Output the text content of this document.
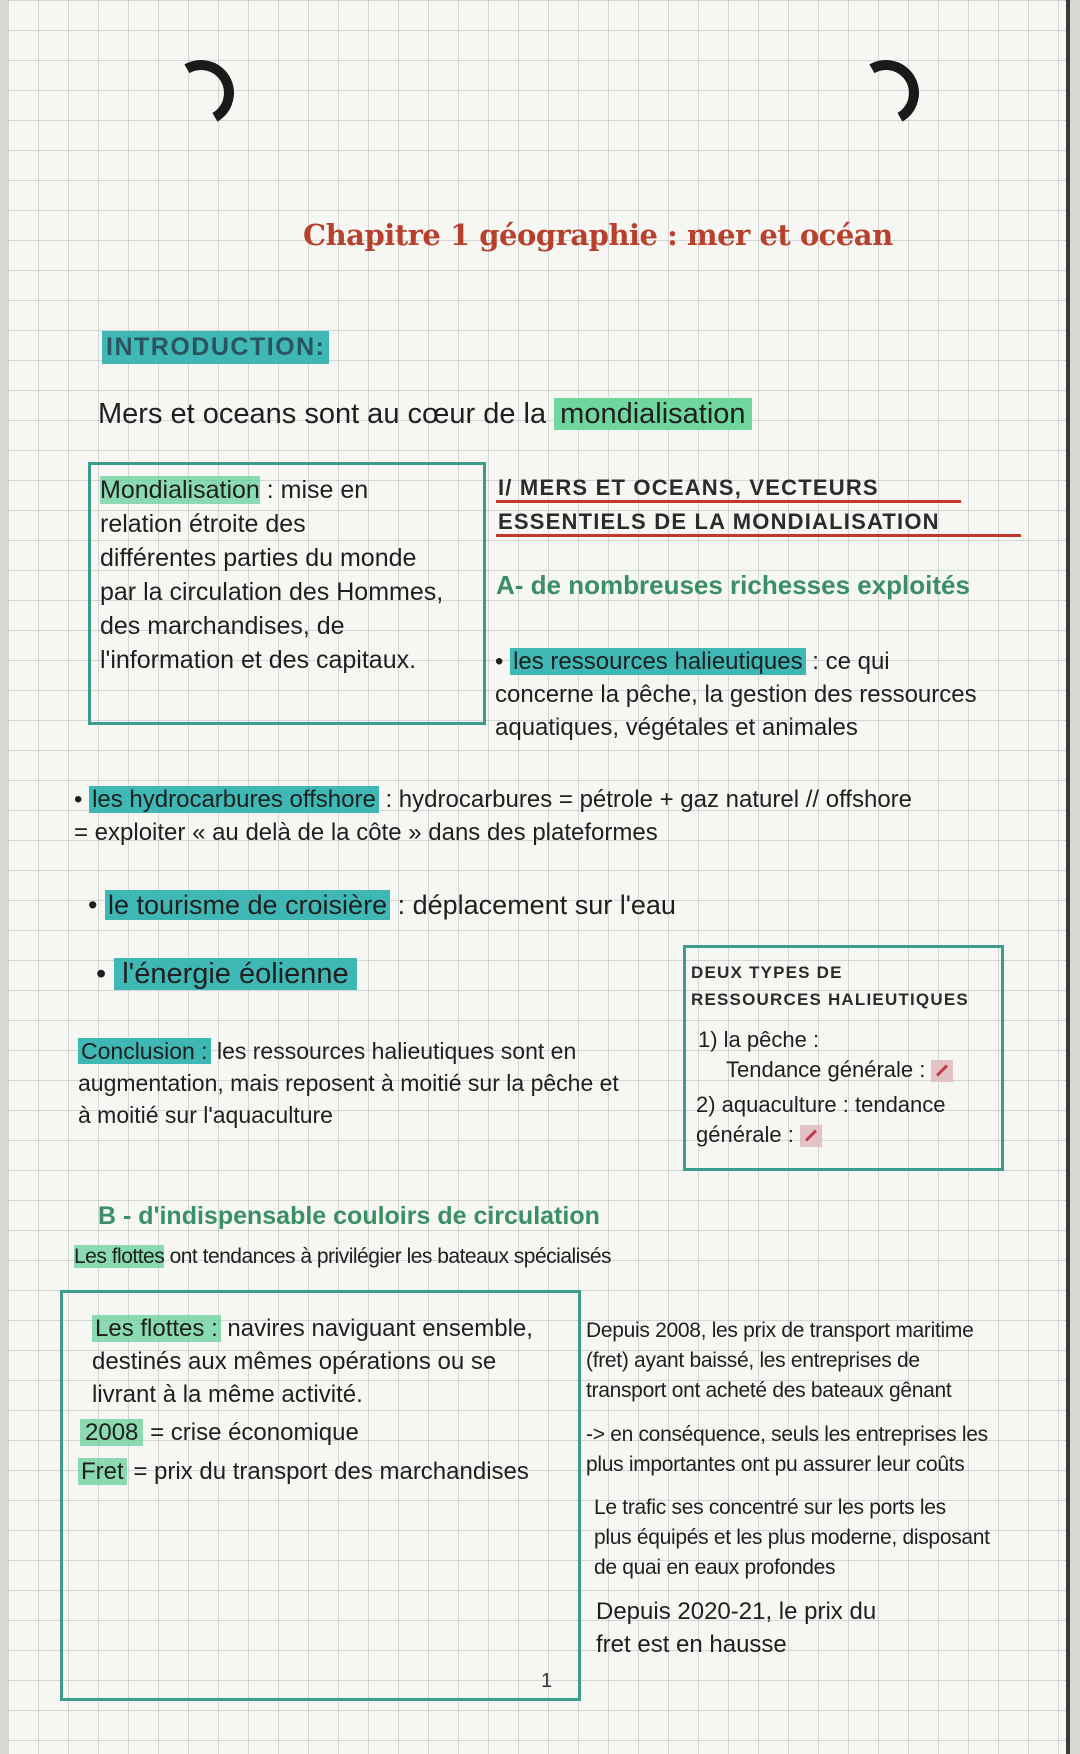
Chapitre 1 géographie : mer et océan
INTRODUCTION:
Mers et oceans sont au cœur de la mondialisation
Mondialisation : mise en
relation étroite des
différentes parties du monde
par la circulation des Hommes,
des marchandises, de
l'information et des capitaux.
I/ MERS ET OCEANS, VECTEURS
ESSENTIELS DE LA MONDIALISATION
A- de nombreuses richesses exploités
• les ressources halieutiques : ce qui
concerne la pêche, la gestion des ressources
aquatiques, végétales et animales
• les hydrocarbures offshore : hydrocarbures = pétrole + gaz naturel // offshore
= exploiter « au delà de la côte » dans des plateformes
• le tourisme de croisière : déplacement sur l'eau
• l'énergie éolienne
Conclusion : les ressources halieutiques sont en
augmentation, mais reposent à moitié sur la pêche et
à moitié sur l'aquaculture
DEUX TYPES DE
RESSOURCES HALIEUTIQUES
1) la pêche :
Tendance générale :
2) aquaculture : tendance
générale :
B - d'indispensable couloirs de circulation
Les flottes ont tendances à privilégier les bateaux spécialisés
Les flottes : navires naviguant ensemble,
destinés aux mêmes opérations ou se
livrant à la même activité.
2008 = crise économique
Fret = prix du transport des marchandises
1
Depuis 2008, les prix de transport maritime
(fret) ayant baissé, les entreprises de
transport ont acheté des bateaux gênant
-> en conséquence, seuls les entreprises les
plus importantes ont pu assurer leur coûts
Le trafic ses concentré sur les ports les
plus équipés et les plus moderne, disposant
de quai en eaux profondes
Depuis 2020-21, le prix du
fret est en hausse
